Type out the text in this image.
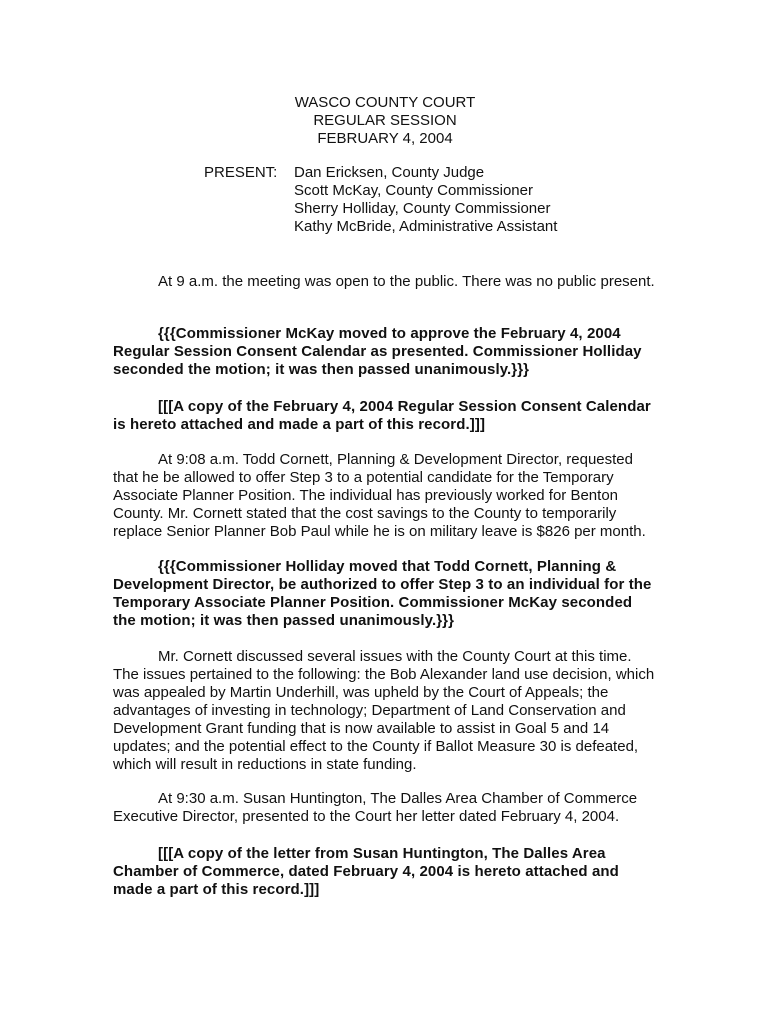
WASCO COUNTY COURT
REGULAR SESSION
FEBRUARY 4, 2004
PRESENT:	Dan Ericksen, County Judge
Scott McKay, County Commissioner
Sherry Holliday, County Commissioner
Kathy McBride, Administrative Assistant

At 9 a.m. the meeting was open to the public. There was no public present.

{{{Commissioner McKay moved to approve the February 4, 2004 Regular Session Consent Calendar as presented. Commissioner Holliday seconded the motion; it was then passed unanimously.}}}

[[[A copy of the February 4, 2004 Regular Session Consent Calendar is hereto attached and made a part of this record.]]]

At 9:08 a.m. Todd Cornett, Planning & Development Director, requested that he be allowed to offer Step 3 to a potential candidate for the Temporary Associate Planner Position. The individual has previously worked for Benton County. Mr. Cornett stated that the cost savings to the County to temporarily replace Senior Planner Bob Paul while he is on military leave is $826 per month.

{{{Commissioner Holliday moved that Todd Cornett, Planning & Development Director, be authorized to offer Step 3 to an individual for the Temporary Associate Planner Position. Commissioner McKay seconded the motion; it was then passed unanimously.}}}

Mr. Cornett discussed several issues with the County Court at this time. The issues pertained to the following: the Bob Alexander land use decision, which was appealed by Martin Underhill, was upheld by the Court of Appeals; the advantages of investing in technology; Department of Land Conservation and Development Grant funding that is now available to assist in Goal 5 and 14 updates; and the potential effect to the County if Ballot Measure 30 is defeated, which will result in reductions in state funding.

At 9:30 a.m. Susan Huntington, The Dalles Area Chamber of Commerce Executive Director, presented to the Court her letter dated February 4, 2004.

[[[A copy of the letter from Susan Huntington, The Dalles Area Chamber of Commerce, dated February 4, 2004 is hereto attached and made a part of this record.]]]
